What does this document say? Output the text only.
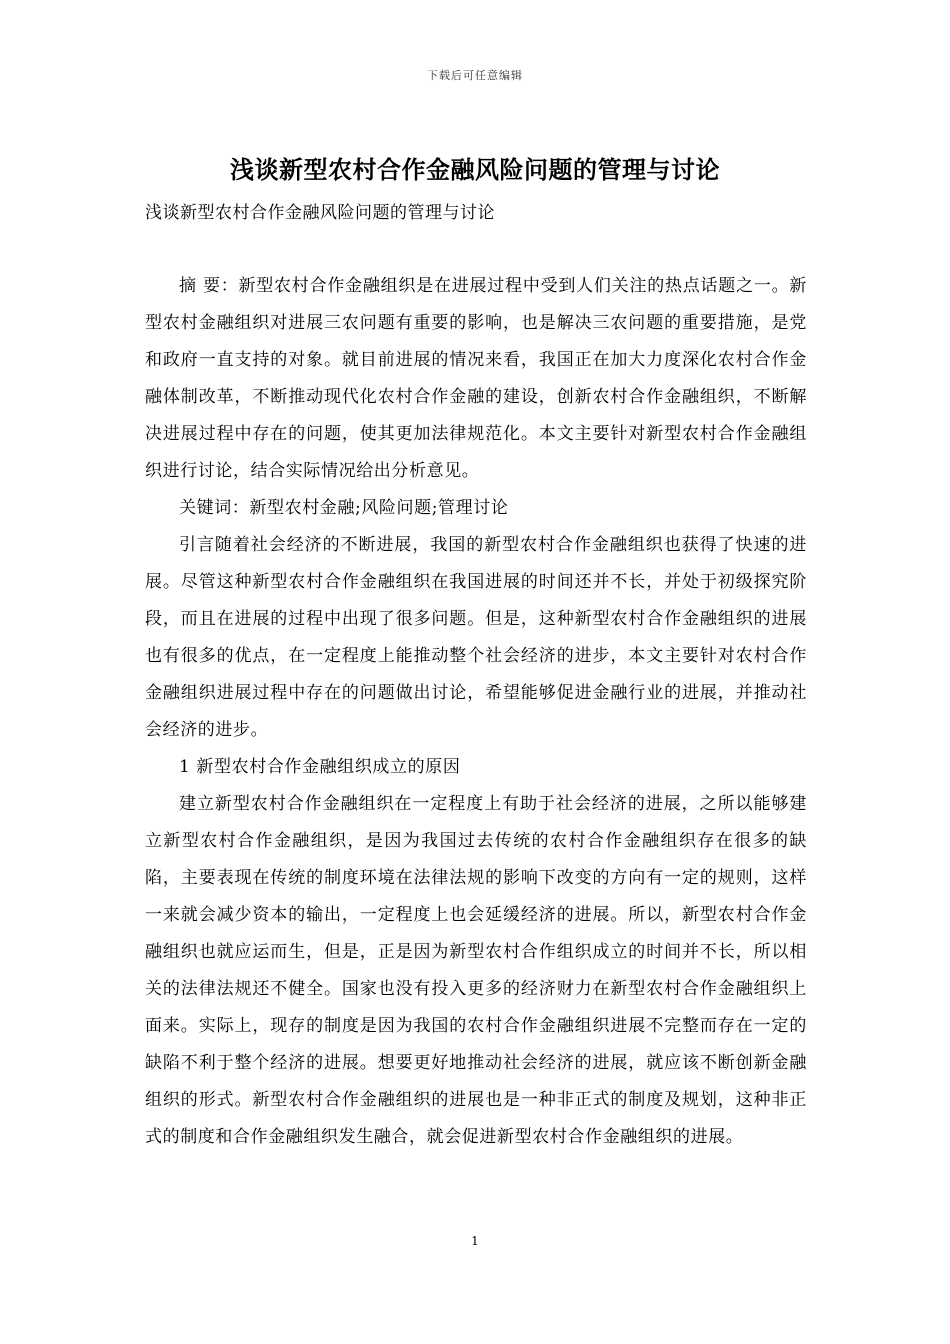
下载后可任意编辑
浅谈新型农村合作金融风险问题的管理与讨论
浅谈新型农村合作金融风险问题的管理与讨论

摘 要：新型农村合作金融组织是在进展过程中受到人们关注的热点话题之一。新型农村金融组织对进展三农问题有重要的影响，也是解决三农问题的重要措施，是党和政府一直支持的对象。就目前进展的情况来看，我国正在加大力度深化农村合作金融体制改革，不断推动现代化农村合作金融的建设，创新农村合作金融组织，不断解决进展过程中存在的问题，使其更加法律规范化。本文主要针对新型农村合作金融组织进行讨论，结合实际情况给出分析意见。

关键词：新型农村金融;风险问题;管理讨论

引言随着社会经济的不断进展，我国的新型农村合作金融组织也获得了快速的进展。尽管这种新型农村合作金融组织在我国进展的时间还并不长，并处于初级探究阶段，而且在进展的过程中出现了很多问题。但是，这种新型农村合作金融组织的进展也有很多的优点，在一定程度上能推动整个社会经济的进步，本文主要针对农村合作金融组织进展过程中存在的问题做出讨论，希望能够促进金融行业的进展，并推动社会经济的进步。

1 新型农村合作金融组织成立的原因

建立新型农村合作金融组织在一定程度上有助于社会经济的进展，之所以能够建立新型农村合作金融组织，是因为我国过去传统的农村合作金融组织存在很多的缺陷，主要表现在传统的制度环境在法律法规的影响下改变的方向有一定的规则，这样一来就会减少资本的输出，一定程度上也会延缓经济的进展。所以，新型农村合作金融组织也就应运而生，但是，正是因为新型农村合作组织成立的时间并不长，所以相关的法律法规还不健全。国家也没有投入更多的经济财力在新型农村合作金融组织上面来。实际上，现存的制度是因为我国的农村合作金融组织进展不完整而存在一定的缺陷不利于整个经济的进展。想要更好地推动社会经济的进展，就应该不断创新金融组织的形式。新型农村合作金融组织的进展也是一种非正式的制度及规划，这种非正式的制度和合作金融组织发生融合，就会促进新型农村合作金融组织的进展。

1
